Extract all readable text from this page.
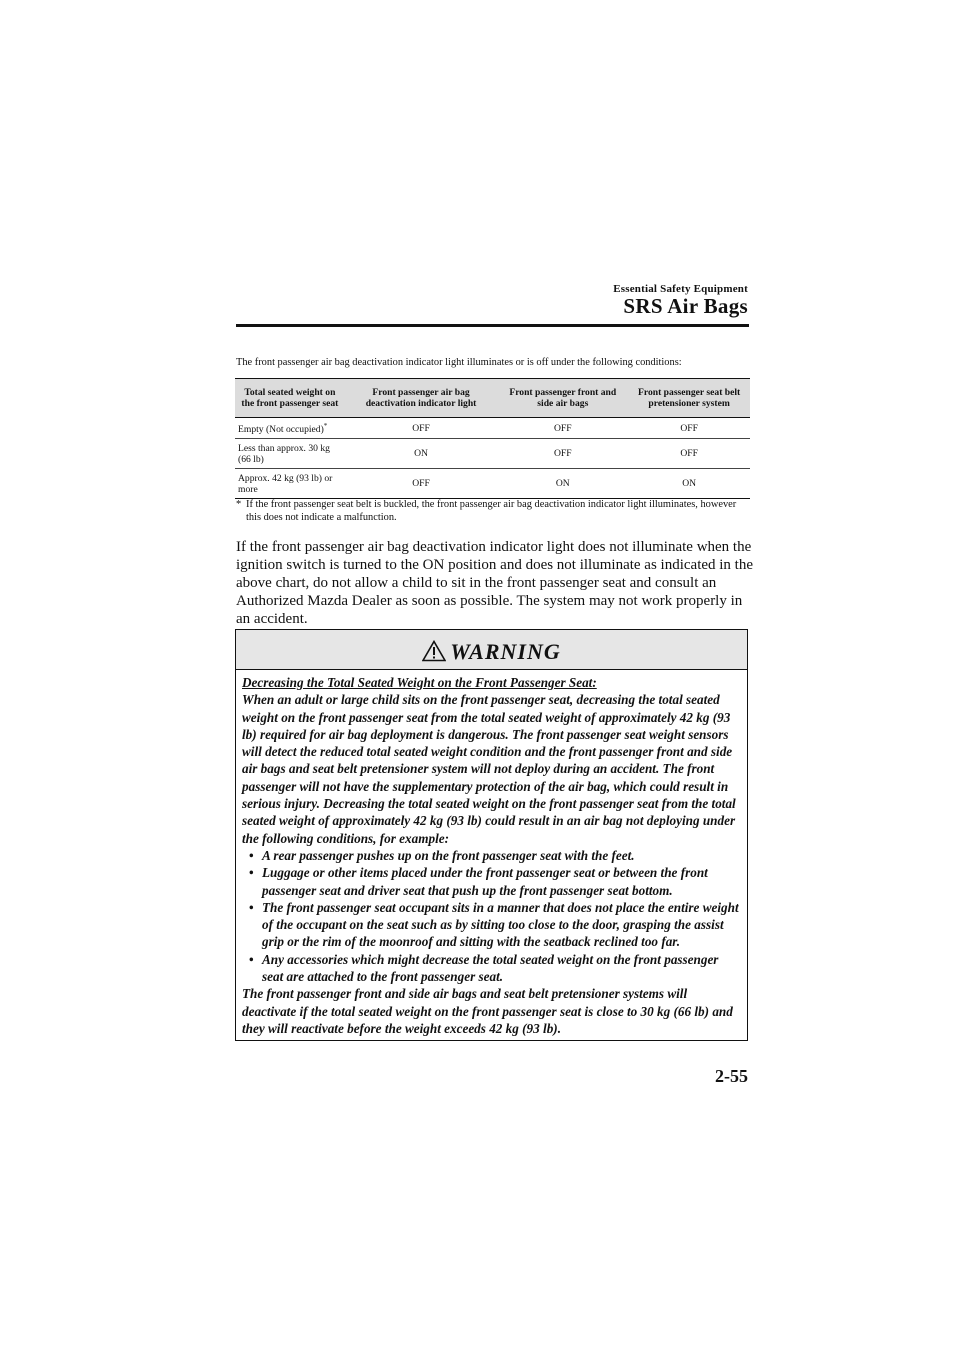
Essential Safety Equipment
SRS Air Bags
The front passenger air bag deactivation indicator light illuminates or is off under the following conditions:
Total seated weight on the front passenger seat	Front passenger air bag deactivation indicator light	Front passenger front and side air bags	Front passenger seat belt pretensioner system
Empty (Not occupied)*	OFF	OFF	OFF
Less than approx. 30 kg (66 lb)	ON	OFF	OFF
Approx. 42 kg (93 lb) or more	OFF	ON	ON
* If the front passenger seat belt is buckled, the front passenger air bag deactivation indicator light illuminates, however this does not indicate a malfunction.
If the front passenger air bag deactivation indicator light does not illuminate when the ignition switch is turned to the ON position and does not illuminate as indicated in the above chart, do not allow a child to sit in the front passenger seat and consult an Authorized Mazda Dealer as soon as possible. The system may not work properly in an accident.
WARNING
Decreasing the Total Seated Weight on the Front Passenger Seat:
When an adult or large child sits on the front passenger seat, decreasing the total seated weight on the front passenger seat from the total seated weight of approximately 42 kg (93 lb) required for air bag deployment is dangerous. The front passenger seat weight sensors will detect the reduced total seated weight condition and the front passenger front and side air bags and seat belt pretensioner system will not deploy during an accident. The front passenger will not have the supplementary protection of the air bag, which could result in serious injury. Decreasing the total seated weight on the front passenger seat from the total seated weight of approximately 42 kg (93 lb) could result in an air bag not deploying under the following conditions, for example:
• A rear passenger pushes up on the front passenger seat with the feet.
• Luggage or other items placed under the front passenger seat or between the front passenger seat and driver seat that push up the front passenger seat bottom.
• The front passenger seat occupant sits in a manner that does not place the entire weight of the occupant on the seat such as by sitting too close to the door, grasping the assist grip or the rim of the moonroof and sitting with the seatback reclined too far.
• Any accessories which might decrease the total seated weight on the front passenger seat are attached to the front passenger seat.
The front passenger front and side air bags and seat belt pretensioner systems will deactivate if the total seated weight on the front passenger seat is close to 30 kg (66 lb) and they will reactivate before the weight exceeds 42 kg (93 lb).
2-55
